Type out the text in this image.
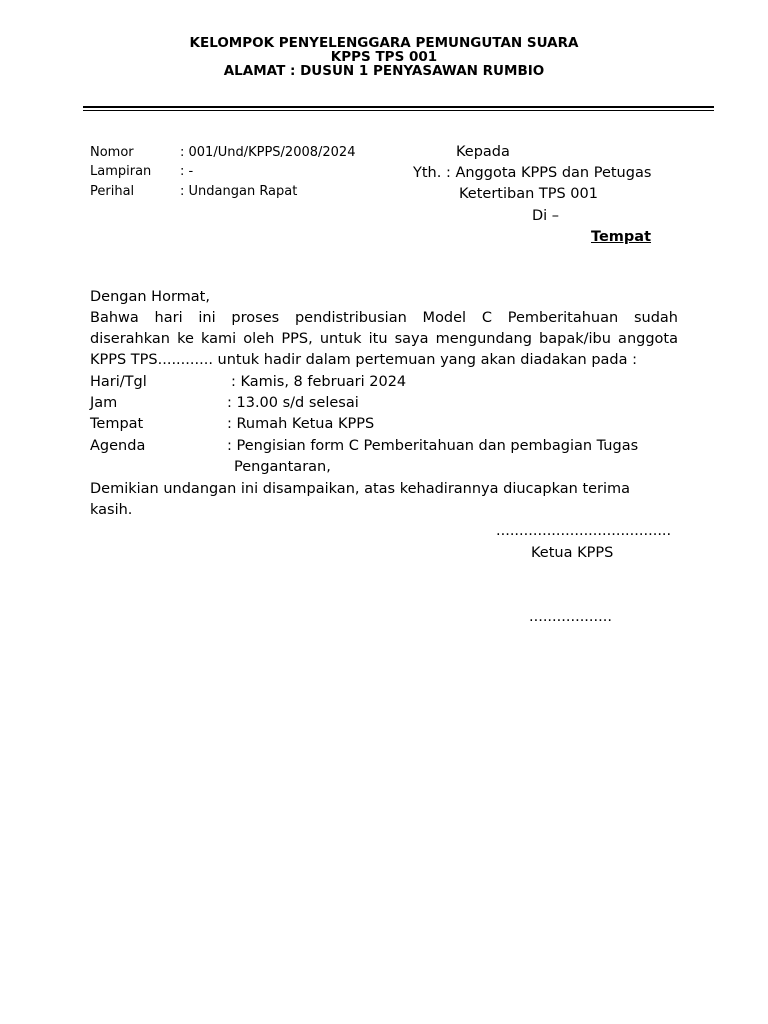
KELOMPOK PENYELENGGARA PEMUNGUTAN SUARA
KPPS TPS 001
ALAMAT : DUSUN 1 PENYASAWAN RUMBIO
Nomor	: 001/Und/KPPS/2008/2024
Lampiran : -
Perihal	: Undangan Rapat
Kepada
Yth. : Anggota KPPS dan Petugas
Ketertiban TPS 001
Di –
Tempat
Dengan Hormat,
Bahwa hari ini proses pendistribusian Model C Pemberitahuan sudah
diserahkan ke kami oleh PPS, untuk itu saya mengundang bapak/ibu anggota
KPPS TPS............ untuk hadir dalam pertemuan yang akan diadakan pada :
Hari/Tgl	: Kamis, 8 februari 2024
Jam	: 13.00 s/d selesai
Tempat	: Rumah Ketua KPPS
Agenda	: Pengisian form C Pemberitahuan dan pembagian Tugas
Pengantaran,
Demikian undangan ini disampaikan, atas kehadirannya diucapkan terima
kasih.
......................................
Ketua KPPS
..................
